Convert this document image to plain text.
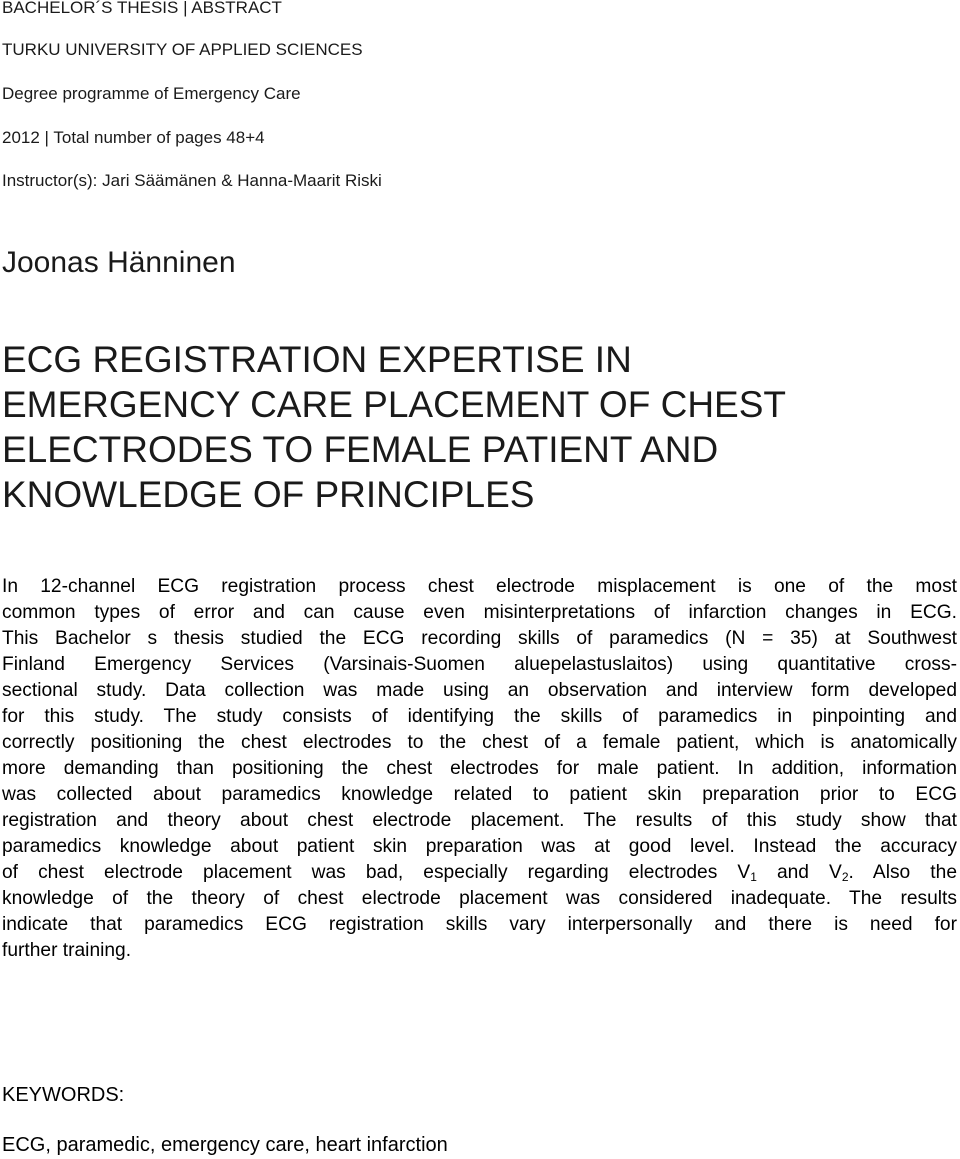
BACHELOR´S THESIS | ABSTRACT
TURKU UNIVERSITY OF APPLIED SCIENCES
Degree programme of Emergency Care
2012 | Total number of pages 48+4
Instructor(s): Jari Säämänen & Hanna-Maarit Riski
Joonas Hänninen
ECG REGISTRATION EXPERTISE IN
EMERGENCY CARE PLACEMENT OF CHEST
ELECTRODES TO FEMALE PATIENT AND
KNOWLEDGE OF PRINCIPLES
In 12-channel ECG registration process chest electrode misplacement is one of the most
common types of error and can cause even misinterpretations of infarction changes in ECG.
This Bachelor s thesis studied the ECG recording skills of paramedics (N = 35) at Southwest
Finland Emergency Services (Varsinais-Suomen aluepelastuslaitos) using quantitative cross-
sectional study. Data collection was made using an observation and interview form developed
for this study. The study consists of identifying the skills of paramedics in pinpointing and
correctly positioning the chest electrodes to the chest of a female patient, which is anatomically
more demanding than positioning the chest electrodes for male patient. In addition, information
was collected about paramedics knowledge related to patient skin preparation prior to ECG
registration and theory about chest electrode placement. The results of this study show that
paramedics knowledge about patient skin preparation was at good level. Instead the accuracy
of chest electrode placement was bad, especially regarding electrodes $V_1$ and $V_2$. Also the
knowledge of the theory of chest electrode placement was considered inadequate. The results
indicate that paramedics ECG registration skills vary interpersonally and there is need for
further training.
KEYWORDS:
ECG, paramedic, emergency care, heart infarction
